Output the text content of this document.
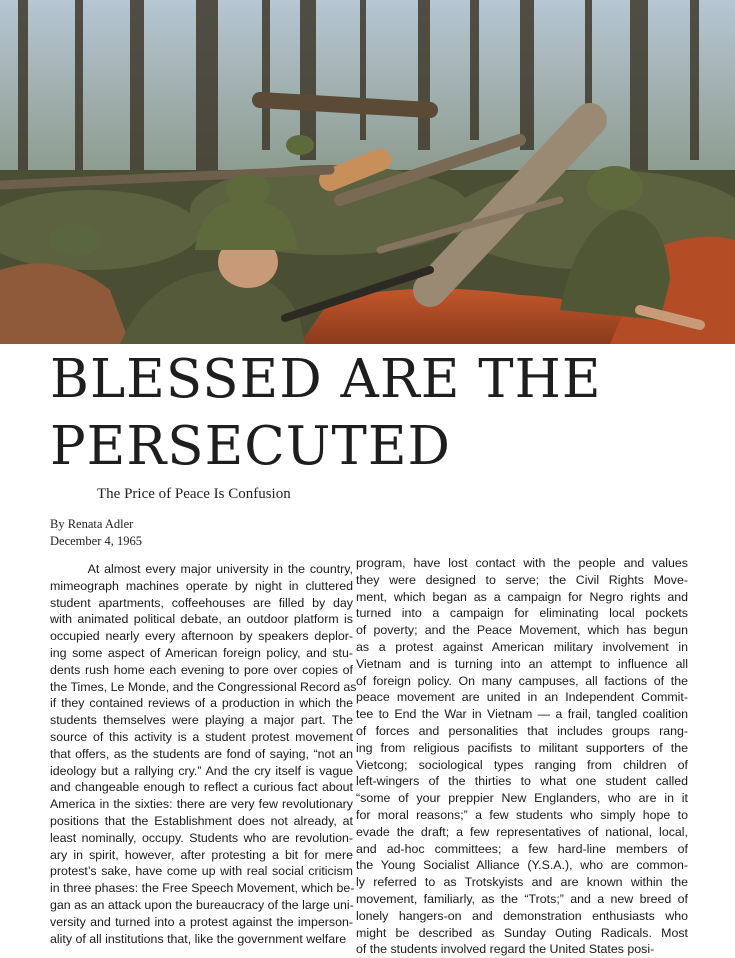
BLESSED ARE THE
PERSECUTED
The Price of Peace Is Confusion
By Renata Adler
December 4, 1965
At almost every major university in the country,
mimeograph machines operate by night in cluttered
student apartments, coffeehouses are filled by day
with animated political debate, an outdoor platform is
occupied nearly every afternoon by speakers deplor-
ing some aspect of American foreign policy, and stu-
dents rush home each evening to pore over copies of
the Times, Le Monde, and the Congressional Record as
if they contained reviews of a production in which the
students themselves were playing a major part. The
source of this activity is a student protest movement
that offers, as the students are fond of saying, “not an
ideology but a rallying cry.” And the cry itself is vague
and changeable enough to reflect a curious fact about
America in the sixties: there are very few revolutionary
positions that the Establishment does not already, at
least nominally, occupy. Students who are revolution-
ary in spirit, however, after protesting a bit for mere
protest’s sake, have come up with real social criticism
in three phases: the Free Speech Movement, which be-
gan as an attack upon the bureaucracy of the large uni-
versity and turned into a protest against the imperson-
ality of all institutions that, like the government welfare
program, have lost contact with the people and values
they were designed to serve; the Civil Rights Move-
ment, which began as a campaign for Negro rights and
turned into a campaign for eliminating local pockets
of poverty; and the Peace Movement, which has begun
as a protest against American military involvement in
Vietnam and is turning into an attempt to influence all
of foreign policy. On many campuses, all factions of the
peace movement are united in an Independent Commit-
tee to End the War in Vietnam — a frail, tangled coalition
of forces and personalities that includes groups rang-
ing from religious pacifists to militant supporters of the
Vietcong; sociological types ranging from children of
left-wingers of the thirties to what one student called
“some of your preppier New Englanders, who are in it
for moral reasons;” a few students who simply hope to
evade the draft; a few representatives of national, local,
and ad-hoc committees; a few hard-line members of
the Young Socialist Alliance (Y.S.A.), who are common-
ly referred to as Trotskyists and are known within the
movement, familiarly, as the “Trots;” and a new breed of
lonely hangers-on and demonstration enthusiasts who
might be described as Sunday Outing Radicals. Most
of the students involved regard the United States posi-
